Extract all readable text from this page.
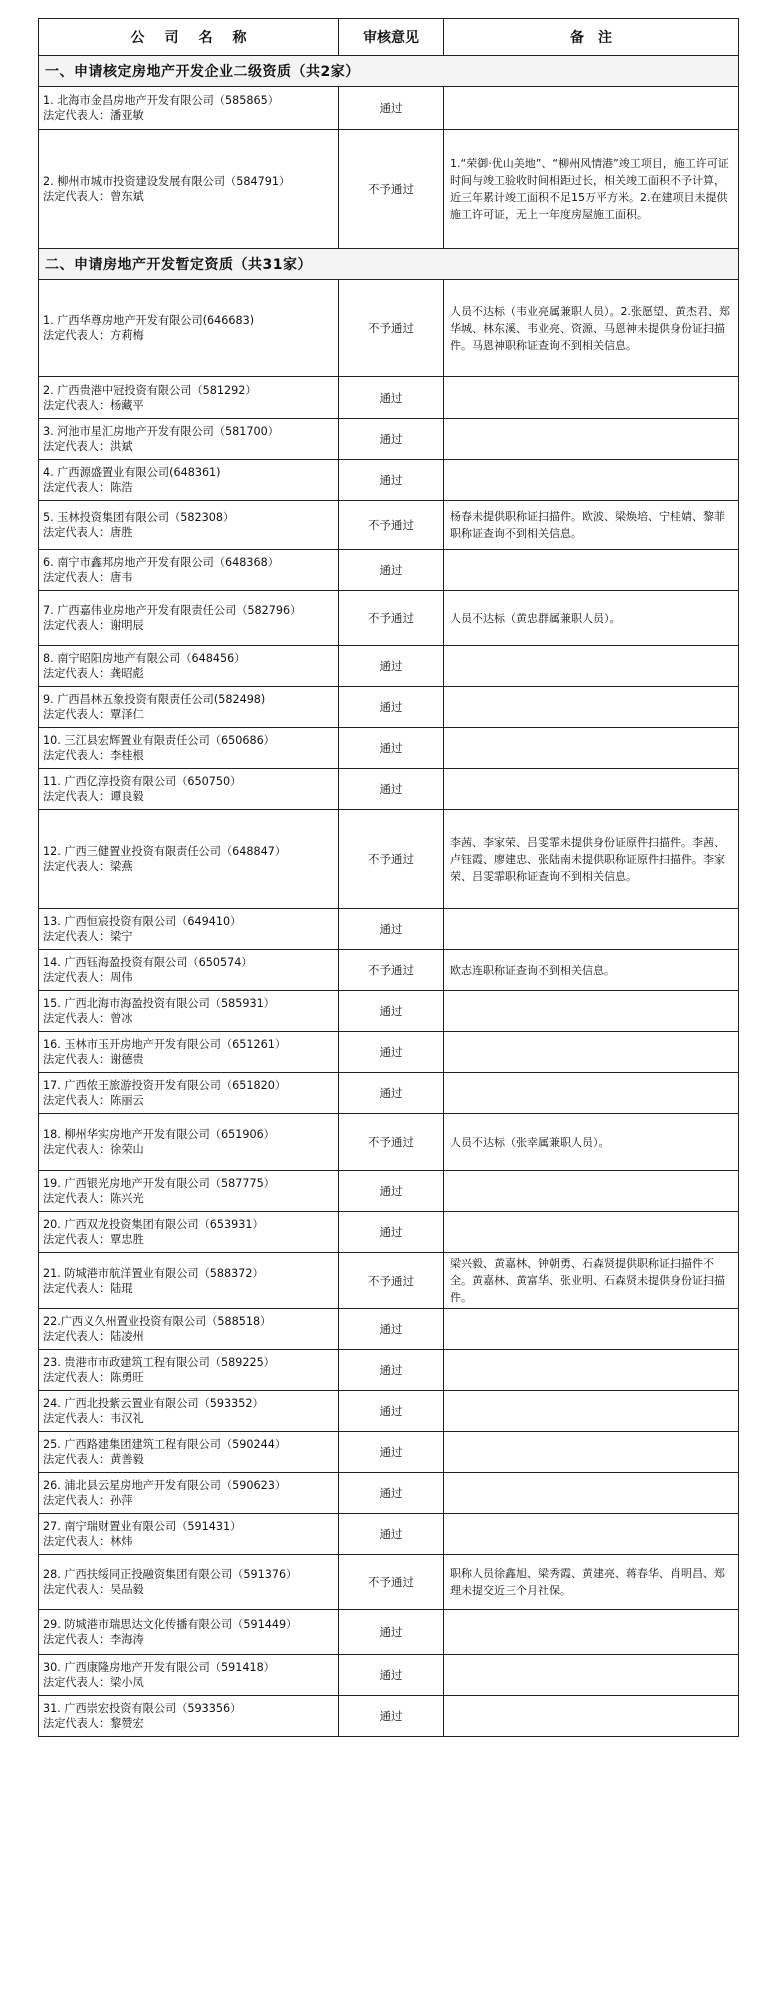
公司名称	审核意见	备注
一、申请核定房地产开发企业二级资质（共2家）		

1. 北海市金昌房地产开发有限公司（585865）
法定代表人：潘亚敏	通过	

2. 柳州市城市投资建设发展有限公司（584791）
法定代表人：曾东斌	不予通过	1.“荣御·优山美地”、“柳州风情港”竣工项目，施工许可证时间与竣工验收时间相距过长，相关竣工面积不予计算，近三年累计竣工面积不足15万平方米。2.在建项目未提供施工许可证，无上一年度房屋施工面积。
二、申请房地产开发暂定资质（共31家）		

1. 广西华尊房地产开发有限公司(646683)
法定代表人：方莉梅	不予通过	人员不达标（韦业亮属兼职人员）。2.张愿望、黄杰君、郑华城、林东溪、韦业亮、资源、马恩神未提供身份证扫描件。马恩神职称证查询不到相关信息。

2. 广西贵港中冠投资有限公司（581292）
法定代表人：杨藏平	通过	

3. 河池市星汇房地产开发有限公司（581700）
法定代表人：洪斌	通过	

4. 广西源盛置业有限公司(648361)
法定代表人：陈浩	通过	

5. 玉林投资集团有限公司（582308）
法定代表人：唐胜	不予通过	杨春未提供职称证扫描件。欧波、梁焕培、宁桂婧、黎菲职称证查询不到相关信息。

6. 南宁市鑫邦房地产开发有限公司（648368）
法定代表人：唐韦	通过	

7. 广西嘉伟业房地产开发有限责任公司（582796）
法定代表人：谢明辰	不予通过	人员不达标（黄忠群属兼职人员）。

8. 南宁昭阳房地产有限公司（648456）
法定代表人：龚昭彪	通过	

9. 广西昌林五象投资有限责任公司(582498)
法定代表人：覃泽仁	通过	

10. 三江县宏辉置业有限责任公司（650686）
法定代表人：李桂根	通过	

11. 广西亿淳投资有限公司（650750）
法定代表人：谭良毅	通过	

12. 广西三健置业投资有限责任公司（648847）
法定代表人：梁燕	不予通过	李茜、李家荣、吕雯霏未提供身份证原件扫描件。李茜、卢钰霞、廖建忠、张陆南未提供职称证原件扫描件。李家荣、吕雯霏职称证查询不到相关信息。

13. 广西恒宸投资有限公司（649410）
法定代表人：梁宁	通过	

14. 广西钰海盈投资有限公司（650574）
法定代表人：周伟	不予通过	欧志连职称证查询不到相关信息。

15. 广西北海市海盈投资有限公司（585931）
法定代表人：曾冰	通过	

16. 玉林市玉开房地产开发有限公司（651261）
法定代表人：谢德贵	通过	

17. 广西侬王旅游投资开发有限公司（651820）
法定代表人：陈丽云	通过	

18. 柳州华实房地产开发有限公司（651906）
法定代表人：徐荣山	不予通过	人员不达标（张幸属兼职人员）。

19. 广西银光房地产开发有限公司（587775）
法定代表人：陈兴光	通过	

20. 广西双龙投资集团有限公司（653931）
法定代表人：覃忠胜	通过	

21. 防城港市航洋置业有限公司（588372）
法定代表人：陆琨	不予通过	梁兴毅、黄嘉林、钟朝勇、石森贤提供职称证扫描件不全。黄嘉林、黄富华、张业明、石森贤未提供身份证扫描件。

22.广西义久州置业投资有限公司（588518）
法定代表人：陆凌州	通过	

23. 贵港市市政建筑工程有限公司（589225）
法定代表人：陈勇旺	通过	

24. 广西北投紫云置业有限公司（593352）
法定代表人：韦汉礼	通过	

25. 广西路建集团建筑工程有限公司（590244）
法定代表人：黄善毅	通过	

26. 浦北县云星房地产开发有限公司（590623）
法定代表人：孙萍	通过	

27. 南宁瑞财置业有限公司（591431）
法定代表人：林炜	通过	

28. 广西扶绥同正投融资集团有限公司（591376）
法定代表人：吴品毅	不予通过	职称人员徐鑫旭、梁秀霞、黄建亮、蒋春华、肖明昌、郑理未提交近三个月社保。

29. 防城港市瑞思达文化传播有限公司（591449）
法定代表人：李海涛	通过	

30. 广西康隆房地产开发有限公司（591418）
法定代表人：梁小凤	通过	

31. 广西崇宏投资有限公司（593356）
法定代表人：黎赞宏	通过	
